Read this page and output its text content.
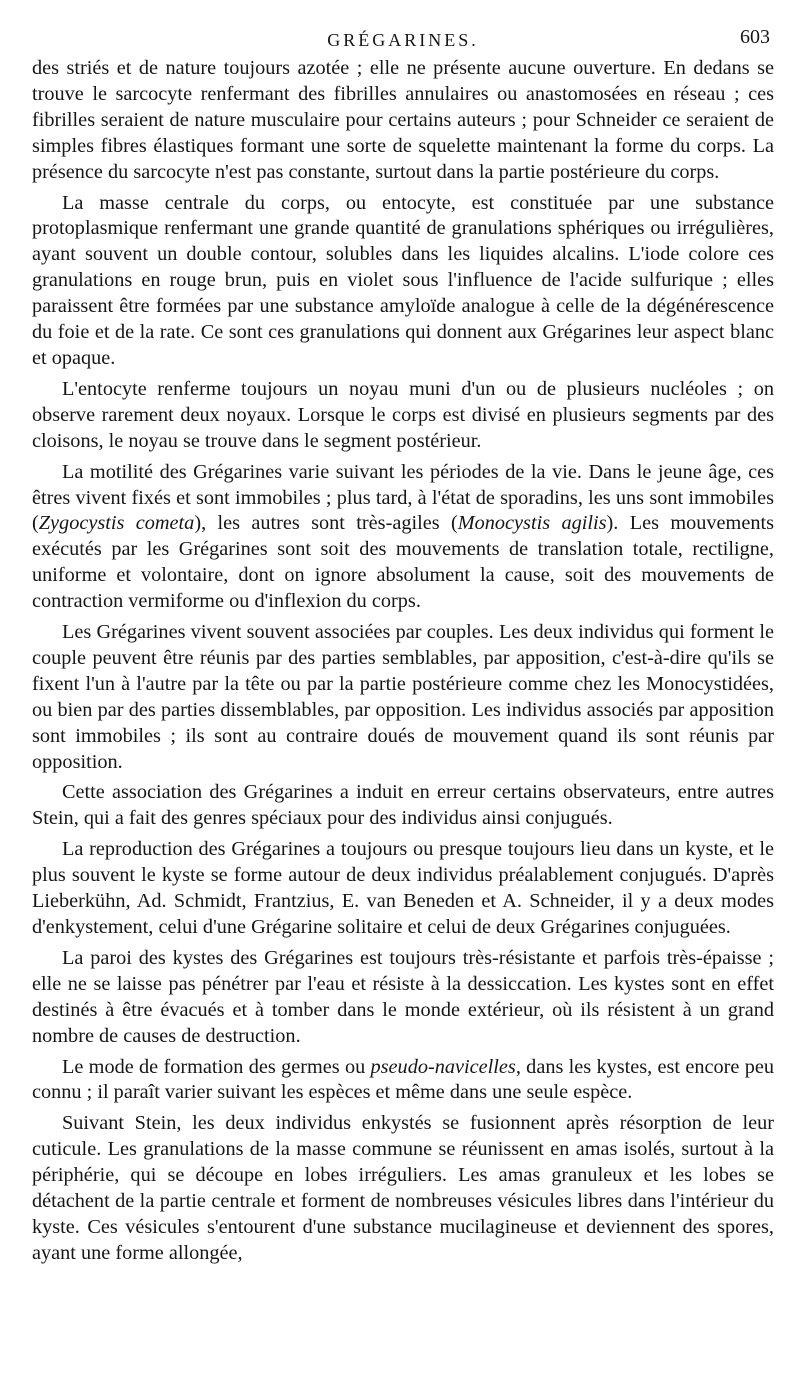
GRÉGARINES.	603

des striés et de nature toujours azotée ; elle ne présente aucune ouverture. En dedans se trouve le sarcocyte renfermant des fibrilles annulaires ou anastomosées en réseau ; ces fibrilles seraient de nature musculaire pour certains auteurs ; pour Schneider ce seraient de simples fibres élastiques formant une sorte de squelette maintenant la forme du corps. La présence du sarcocyte n'est pas constante, surtout dans la partie postérieure du corps.

La masse centrale du corps, ou entocyte, est constituée par une substance protoplasmique renfermant une grande quantité de granulations sphériques ou irrégulières, ayant souvent un double contour, solubles dans les liquides alcalins. L'iode colore ces granulations en rouge brun, puis en violet sous l'influence de l'acide sulfurique ; elles paraissent être formées par une substance amyloïde analogue à celle de la dégénérescence du foie et de la rate. Ce sont ces granulations qui donnent aux Grégarines leur aspect blanc et opaque.

L'entocyte renferme toujours un noyau muni d'un ou de plusieurs nucléoles ; on observe rarement deux noyaux. Lorsque le corps est divisé en plusieurs segments par des cloisons, le noyau se trouve dans le segment postérieur.

La motilité des Grégarines varie suivant les périodes de la vie. Dans le jeune âge, ces êtres vivent fixés et sont immobiles ; plus tard, à l'état de sporadins, les uns sont immobiles (Zygocystis cometa), les autres sont très-agiles (Monocystis agilis). Les mouvements exécutés par les Grégarines sont soit des mouvements de translation totale, rectiligne, uniforme et volontaire, dont on ignore absolument la cause, soit des mouvements de contraction vermiforme ou d'inflexion du corps.

Les Grégarines vivent souvent associées par couples. Les deux individus qui forment le couple peuvent être réunis par des parties semblables, par apposition, c'est-à-dire qu'ils se fixent l'un à l'autre par la tête ou par la partie postérieure comme chez les Monocystidées, ou bien par des parties dissemblables, par opposition. Les individus associés par apposition sont immobiles ; ils sont au contraire doués de mouvement quand ils sont réunis par opposition.

Cette association des Grégarines a induit en erreur certains observateurs, entre autres Stein, qui a fait des genres spéciaux pour des individus ainsi conjugués.

La reproduction des Grégarines a toujours ou presque toujours lieu dans un kyste, et le plus souvent le kyste se forme autour de deux individus préalablement conjugués. D'après Lieberkühn, Ad. Schmidt, Frantzius, E. van Beneden et A. Schneider, il y a deux modes d'enkystement, celui d'une Grégarine solitaire et celui de deux Grégarines conjuguées.

La paroi des kystes des Grégarines est toujours très-résistante et parfois très-épaisse ; elle ne se laisse pas pénétrer par l'eau et résiste à la dessiccation. Les kystes sont en effet destinés à être évacués et à tomber dans le monde extérieur, où ils résistent à un grand nombre de causes de destruction.

Le mode de formation des germes ou pseudo-navicelles, dans les kystes, est encore peu connu ; il paraît varier suivant les espèces et même dans une seule espèce.

Suivant Stein, les deux individus enkystés se fusionnent après résorption de leur cuticule. Les granulations de la masse commune se réunissent en amas isolés, surtout à la périphérie, qui se découpe en lobes irréguliers. Les amas granuleux et les lobes se détachent de la partie centrale et forment de nombreuses vésicules libres dans l'intérieur du kyste. Ces vésicules s'entourent d'une substance mucilagineuse et deviennent des spores, ayant une forme allongée,
